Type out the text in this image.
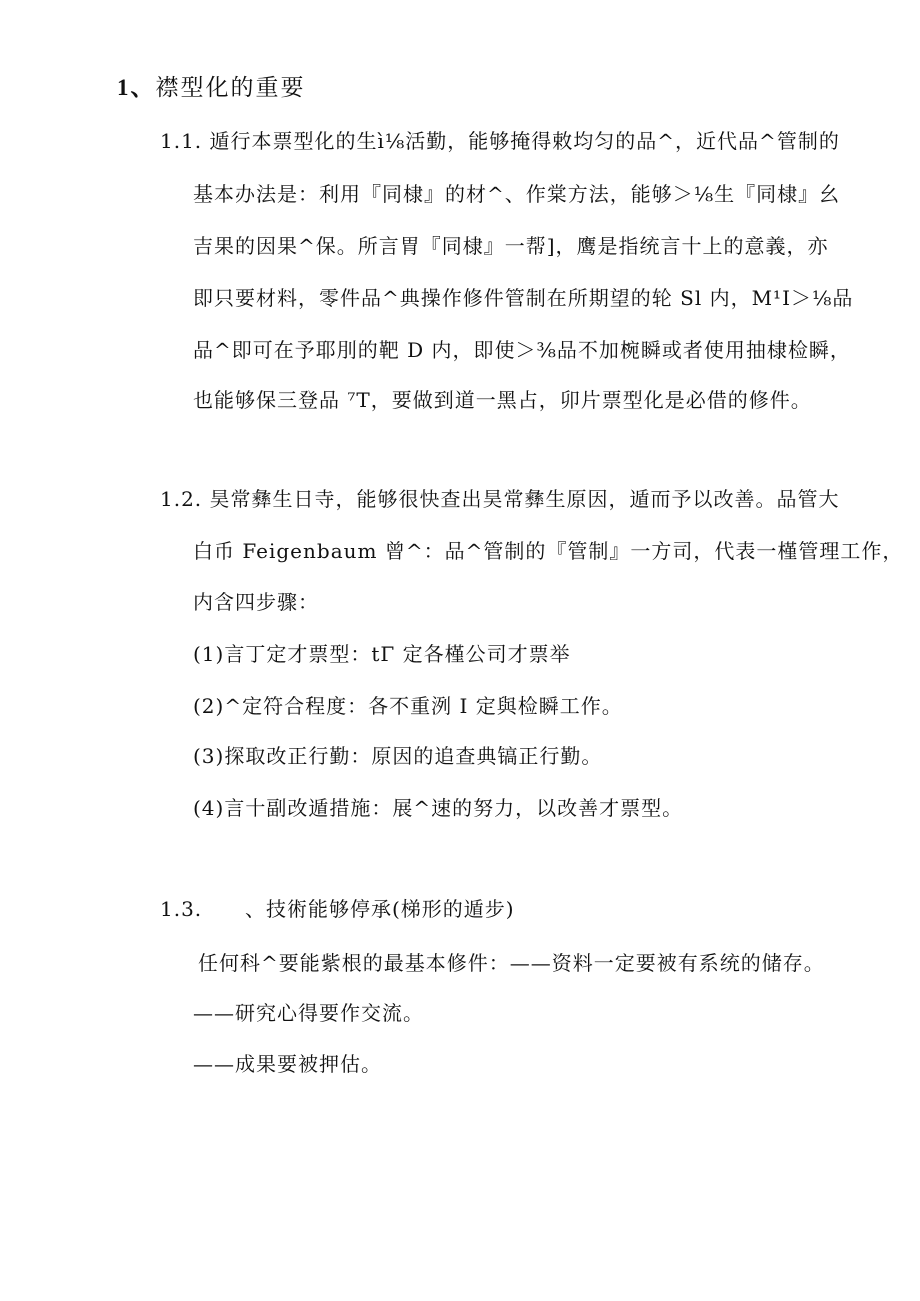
1、襟型化的重要
1.1. 遁行本票型化的生ì⅛活勤，能够掩得敕均匀的品^，近代品^管制的
基本办法是：利用『同棣』的材^、作棠方法，能够＞⅛生『同棣』幺
吉果的因果^保。所言胃『同棣』一帮]，鹰是指统言十上的意義，亦
即只要材料，零件品^典操作修件管制在所期望的轮 Sl 内，M¹I＞⅛品
品^即可在予耶刖的靶 D 内，即使＞⅜品不加椀瞬或者使用抽棣检瞬，
也能够保三登品 ⁷T，要做到道一黑占，卯片票型化是必借的修件。
1.2. 昊常彝生日寺，能够很快查出昊常彝生原因，遁而予以改善。品管大
白币 Feigenbaum 曾^：品^管制的『管制』一方司，代表一槿管理工作，
内含四步骤：
(1)言丁定才票型：tΓ 定各槿公司才票举
(2)^定符合程度：各不重洌 I 定與检瞬工作。
(3)探取改正行勤：原因的追查典镐正行勤。
(4)言十副改遁措施：展^速的努力，以改善才票型。
1.3. 、技術能够停承(梯形的遁步)
任何科^要能紫根的最基本修件：——资料一定要被有系统的储存。
——研究心得要作交流。
——成果要被押估。
